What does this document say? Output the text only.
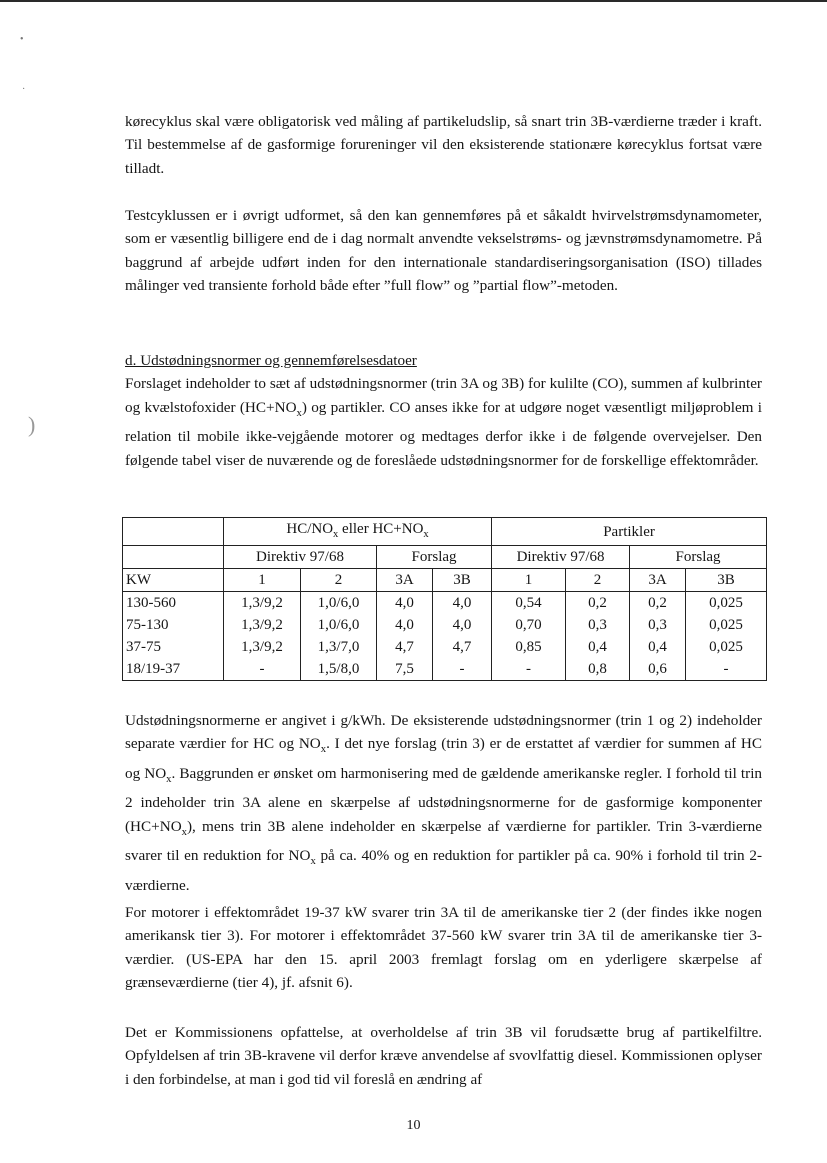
•
·
)

kørecyklus skal være obligatorisk ved måling af partikeludslip, så snart trin 3B-værdierne træder i kraft. Til bestemmelse af de gasformige forureninger vil den eksisterende stationære kørecyklus fortsat være tilladt.

Testcyklussen er i øvrigt udformet, så den kan gennemføres på et såkaldt hvirvelstrømsdynamometer, som er væsentlig billigere end de i dag normalt anvendte vekselstrøms- og jævnstrømsdynamometre. På baggrund af arbejde udført inden for den internationale standardiseringsorganisation (ISO) tillades målinger ved transiente forhold både efter ”full flow” og ”partial flow”-metoden.

d. Udstødningsnormer og gennemførelsesdatoer

Forslaget indeholder to sæt af udstødningsnormer (trin 3A og 3B) for kulilte (CO), summen af kulbrinter og kvælstofoxider $(HC+NO_x)$ og partikler. CO anses ikke for at udgøre noget væsentligt miljøproblem i relation til mobile ikke-vejgående motorer og medtages derfor ikke i de følgende overvejelser. Den følgende tabel viser de nuværende og de foreslåede udstødningsnormer for de forskellige effektområder.

	$HC/NO_x$ eller $HC+NO_x$				Partikler			
	Direktiv 97/68		Forslag		Direktiv 97/68		Forslag	
KW	1	2	3A	3B	1	2	3A	3B
130-560	1,3/9,2	1,0/6,0	4,0	4,0	0,54	0,2	0,2	0,025
75-130	1,3/9,2	1,0/6,0	4,0	4,0	0,70	0,3	0,3	0,025
37-75	1,3/9,2	1,3/7,0	4,7	4,7	0,85	0,4	0,4	0,025
18/19-37	-	1,5/8,0	7,5	-	-	0,8	0,6	-

Udstødningsnormerne er angivet i g/kWh. De eksisterende udstødningsnormer (trin 1 og 2) indeholder separate værdier for HC og $NO_x$. I det nye forslag (trin 3) er de erstattet af værdier for summen af HC og $NO_x$. Baggrunden er ønsket om harmonisering med de gældende amerikanske regler. I forhold til trin 2 indeholder trin 3A alene en skærpelse af udstødningsnormerne for de gasformige komponenter $(HC+NO_x)$, mens trin 3B alene indeholder en skærpelse af værdierne for partikler. Trin 3-værdierne svarer til en reduktion for $NO_x$ på ca. 40% og en reduktion for partikler på ca. 90% i forhold til trin 2-værdierne.

For motorer i effektområdet 19-37 kW svarer trin 3A til de amerikanske tier 2 (der findes ikke nogen amerikansk tier 3). For motorer i effektområdet 37-560 kW svarer trin 3A til de amerikanske tier 3-værdier. (US-EPA har den 15. april 2003 fremlagt forslag om en yderligere skærpelse af grænseværdierne (tier 4), jf. afsnit 6).

Det er Kommissionens opfattelse, at overholdelse af trin 3B vil forudsætte brug af partikelfiltre. Opfyldelsen af trin 3B-kravene vil derfor kræve anvendelse af svovlfattig diesel. Kommissionen oplyser i den forbindelse, at man i god tid vil foreslå en ændring af

10
